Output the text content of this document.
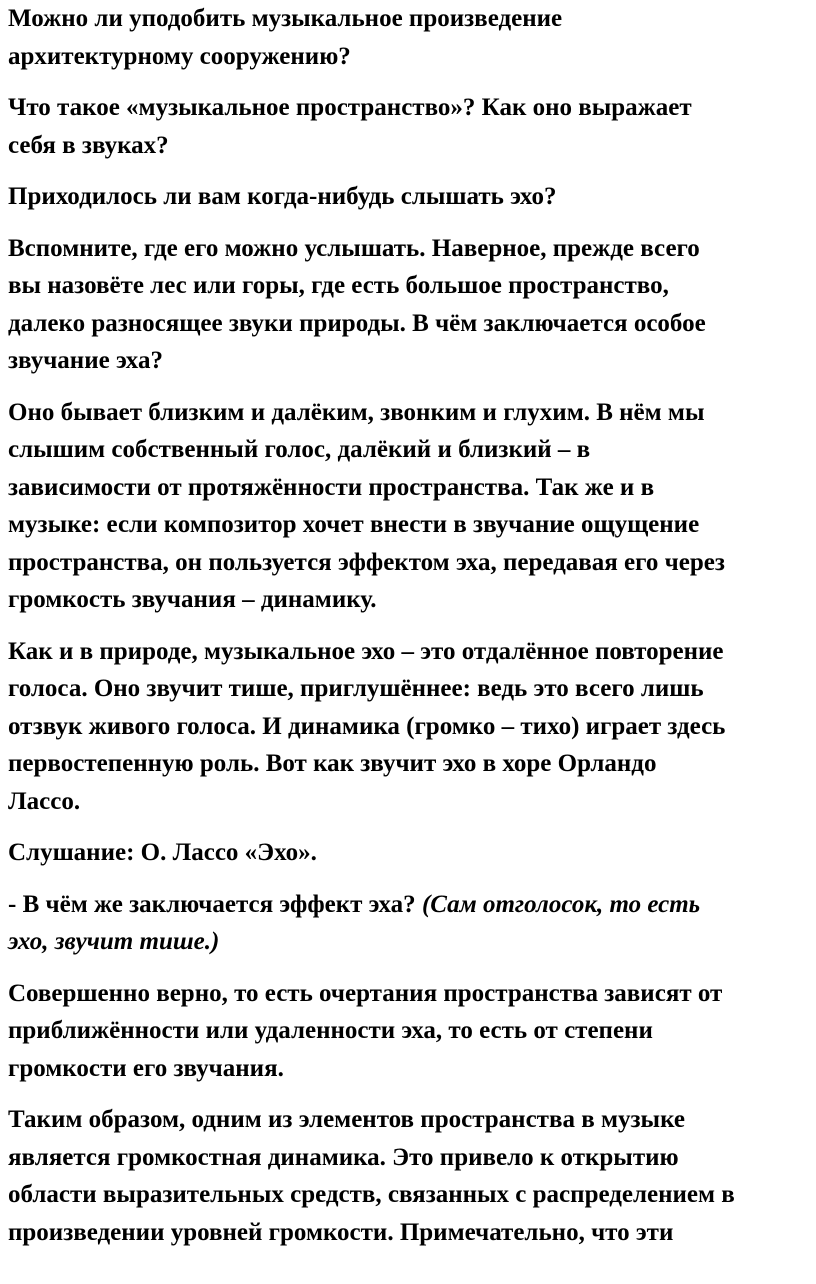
Можно ли уподобить музыкальное произведение
архитектурному сооружению?

Что такое «музыкальное пространство»? Как оно выражает
себя в звуках?

Приходилось ли вам когда-нибудь слышать эхо?

Вспомните, где его можно услышать. Наверное, прежде всего
вы назовёте лес или горы, где есть большое пространство,
далеко разносящее звуки природы. В чём заключается особое
звучание эха?

Оно бывает близким и далёким, звонким и глухим. В нём мы
слышим собственный голос, далёкий и близкий – в
зависимости от протяжённости пространства. Так же и в
музыке: если композитор хочет внести в звучание ощущение
пространства, он пользуется эффектом эха, передавая его через
громкость звучания – динамику.

Как и в природе, музыкальное эхо – это отдалённое повторение
голоса. Оно звучит тише, приглушённее: ведь это всего лишь
отзвук живого голоса. И динамика (громко – тихо) играет здесь
первостепенную роль. Вот как звучит эхо в хоре Орландо
Лассо.

Слушание: О. Лассо «Эхо».

- В чём же заключается эффект эха? (Сам отголосок, то есть
эхо, звучит тише.)

Совершенно верно, то есть очертания пространства зависят от
приближённости или удаленности эха, то есть от степени
громкости его звучания.

Таким образом, одним из элементов пространства в музыке
является громкостная динамика. Это привело к открытию
области выразительных средств, связанных с распределением в
произведении уровней громкости. Примечательно, что эти
